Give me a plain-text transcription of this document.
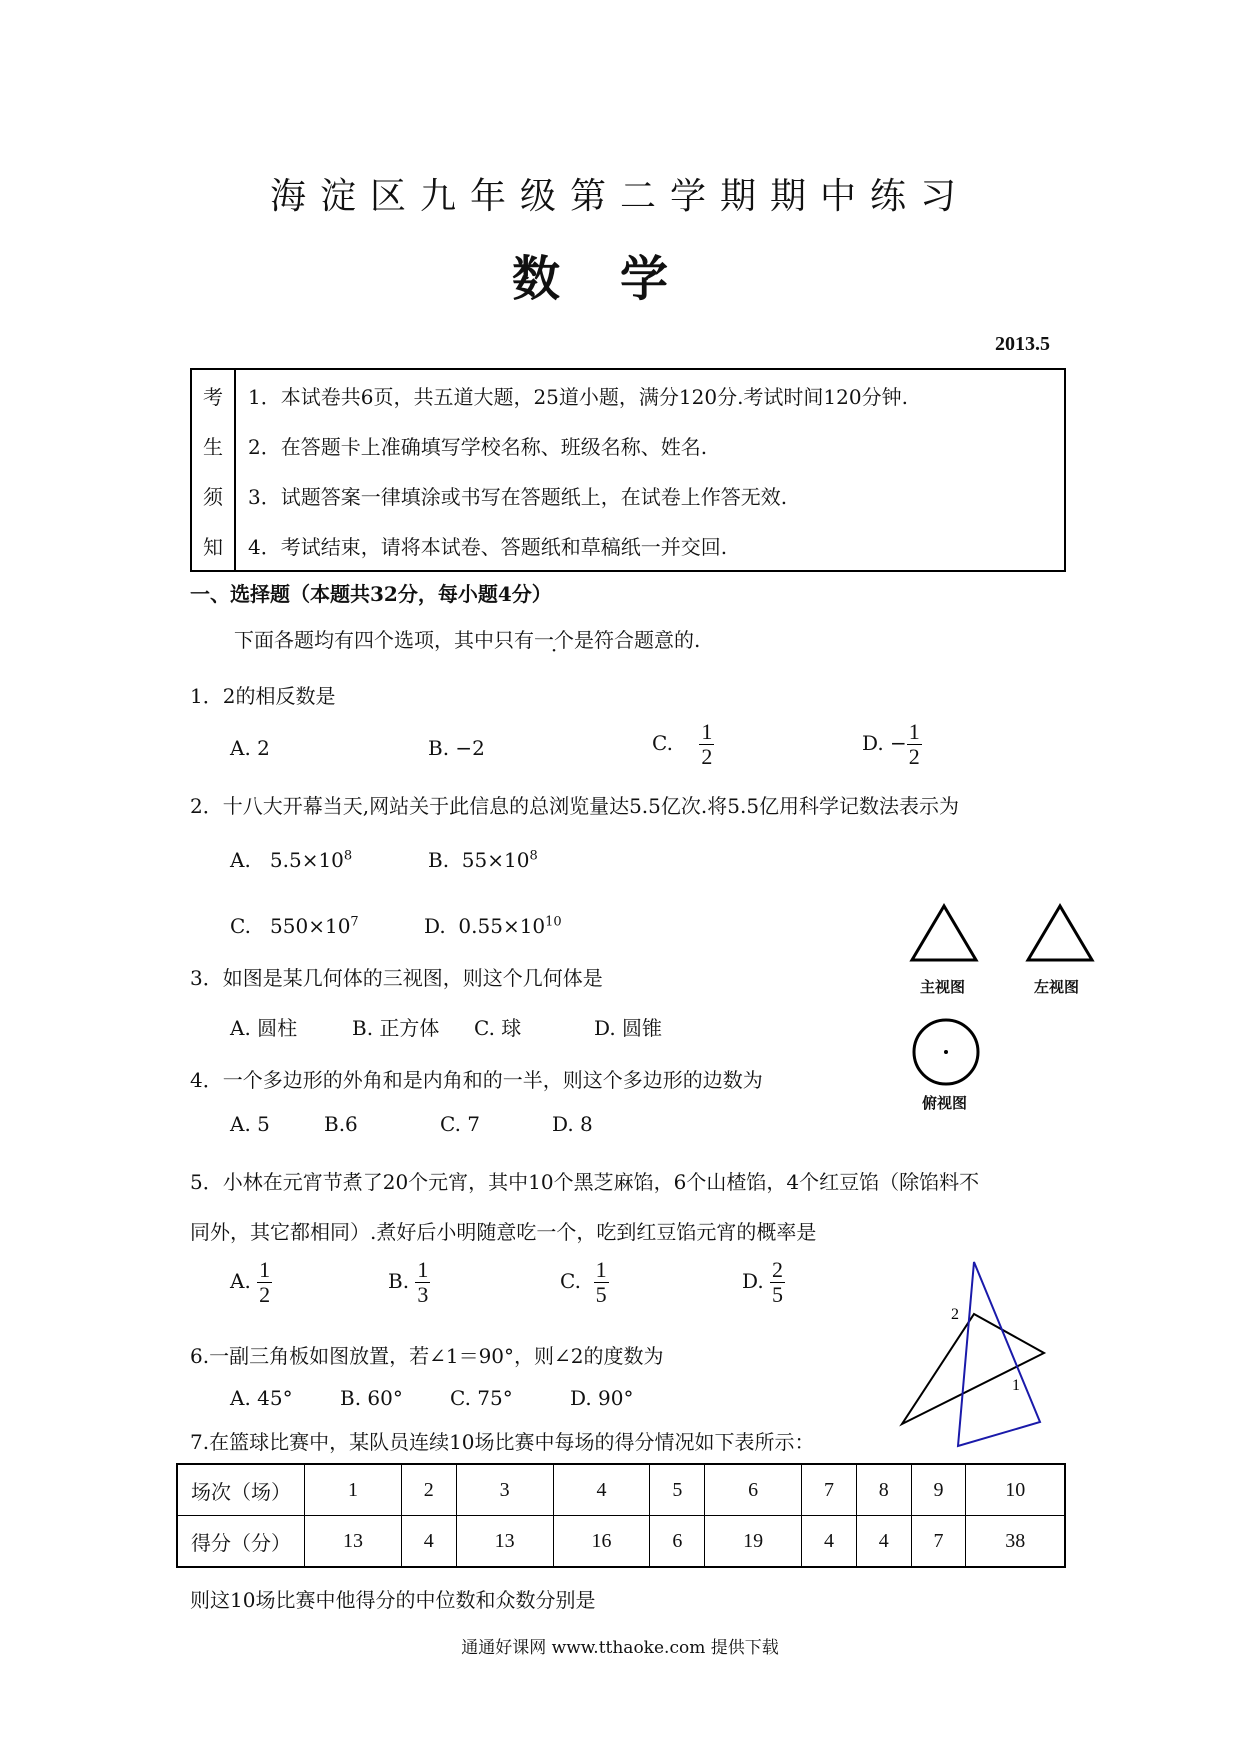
海淀区九年级第二学期期中练习
数学
2013.5
考	1．本试卷共6页，共五道大题，25道小题，满分120分.考试时间120分钟.
生	2．在答题卡上准确填写学校名称、班级名称、姓名.
须	3．试题答案一律填涂或书写在答题纸上，在试卷上作答无效.
知	4．考试结束，请将本试卷、答题纸和草稿纸一并交回.
一、选择题（本题共32分，每小题4分）
下面各题均有四个选项，其中只有一个是符合题意的.
1．2的相反数是
A. 2	B. −2	C. $\frac{1}{2}$	D. − $\frac{1}{2}$
2．十八大开幕当天,网站关于此信息的总浏览量达5.5亿次.将5.5亿用科学记数法表示为
A. $5.5\times 10^8$	B. $55\times 10^8$
C. $550\times 10^7$	D. $0.55\times 10^{10}$
主视图	左视图
俯视图
3．如图是某几何体的三视图，则这个几何体是
A. 圆柱	B. 正方体 C. 球	D. 圆锥
4．一个多边形的外角和是内角和的一半，则这个多边形的边数为
A. 5	B.6	C. 7	D. 8
5．小林在元宵节煮了20个元宵，其中10个黑芝麻馅，6个山楂馅，4个红豆馅（除馅料不
同外，其它都相同）.煮好后小明随意吃一个，吃到红豆馅元宵的概率是
A. $\frac{1}{2}$	B. $\frac{1}{3}$	C. $\frac{1}{5}$	D. $\frac{2}{5}$
2
1
6.一副三角板如图放置，若∠1＝90°，则∠2的度数为
A. 45° B. 60° C. 75°	D. 90°
7.在篮球比赛中，某队员连续10场比赛中每场的得分情况如下表所示：
场次（场）	1	2	3	4	5	6	7	8	9	10
得分（分）	13	4	13	16	6	19	4	4	7	38
则这10场比赛中他得分的中位数和众数分别是
通通好课网 www.tthaoke.com 提供下载
